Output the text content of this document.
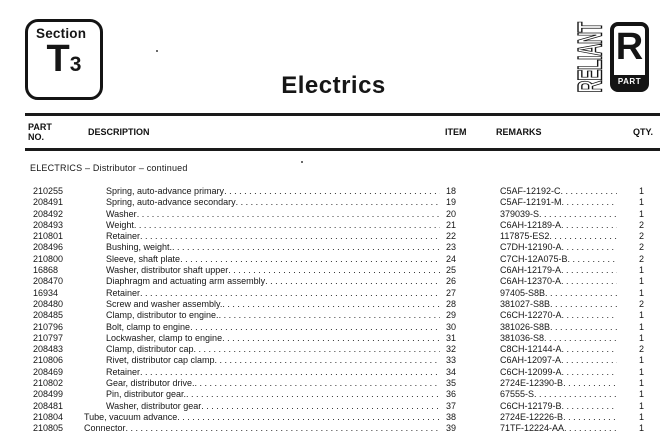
Section
T3
Electrics	RELIANT R
PART
PART
NO.	DESCRIPTION	ITEM	REMARKS	QTY.
ELECTRICS – Distributor – continued
210255	Spring, auto-advance primary . . .	18	C5AF-12192-C . . .	1
208491	Spring, auto-advance secondary . . .	19	C5AF-12191-M . . .	1
208492	Washer . . .	20	379039-S . . .	1
208493	Weight . . .	21	C6AH-12189-A . . .	2
210801	Retainer . . .	22	117875-ES2 . . .	2
208496	Bushing, weight. . . .	23	C7DH-12190-A . . .	2
210800	Sleeve, shaft plate . . .	24	C7CH-12A075-B . . .	2
16868	Washer, distributor shaft upper . . .	25	C6AH-12179-A . . .	1
208470	Diaphragm and actuating arm assembly . . .	26	C6AH-12370-A . . .	1
16934	Retainer . . .	27	97405-S8B . . .	1
208480	Screw and washer assembly. . . .	28	381027-S8B . . .	2
208485	Clamp, distributor to engine. . . .	29	C6CH-12270-A . . .	1
210796	Bolt, clamp to engine . . .	30	381026-S8B . . .	1
210797	Lockwasher, clamp to engine . . .	31	381036-S8 . . .	1
208483	Clamp, distributor cap . . .	32	C8CH-12144-A . . .	2
210806	Rivet, distributor cap clamp . . .	33	C6AH-12097-A . . .	1
208469	Retainer . . .	34	C6CH-12099-A . . .	1
210802	Gear, distributor drive. . . .	35	2724E-12390-B . . .	1
208499	Pin, distributor gear. . . .	36	67555-S . . .	1
208481	Washer, distributor gear . . .	37	C6CH-12179-B . . .	1
210804	Tube, vacuum advance . . .	38	2724E-12226-B . . .	1
210805	Connector . . .	39	71TF-12224-AA . . .	1
